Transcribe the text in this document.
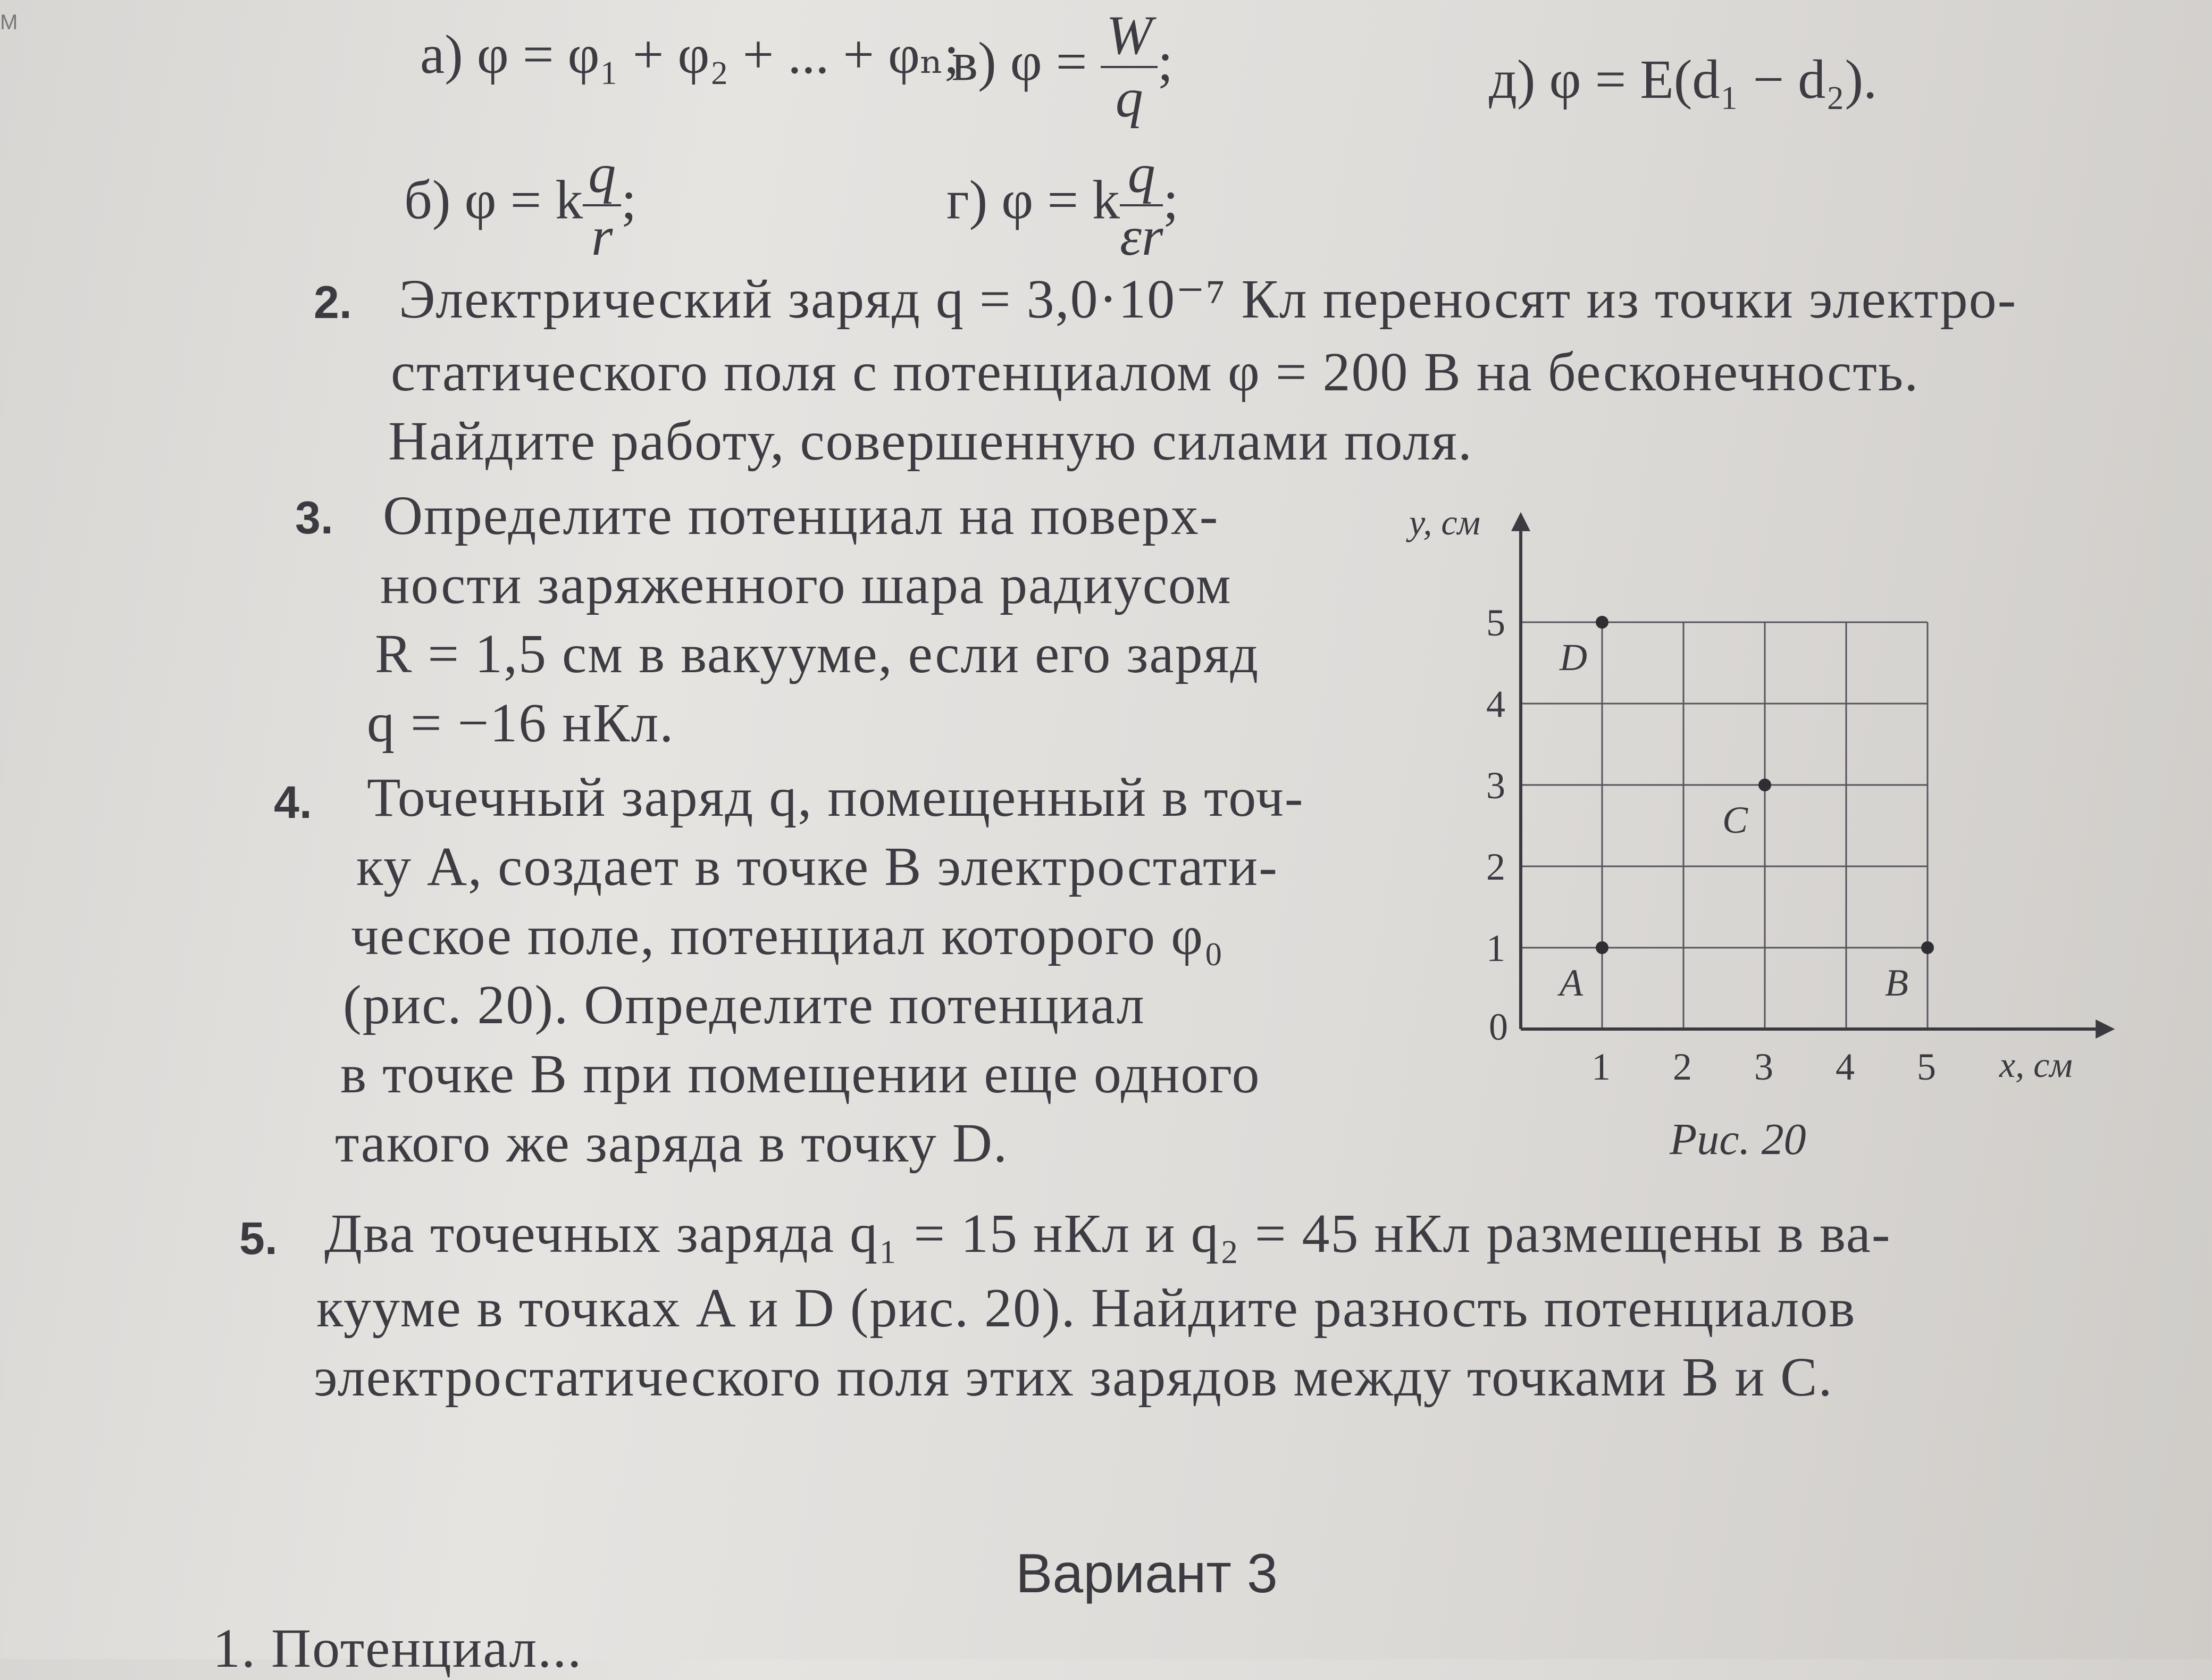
M
а) φ = φ₁ + φ₂ + ... + φₙ;
в) $\varphi = \frac{W}{q}$ ;	д) φ = E(d₁ − d₂).
б) φ = k $\frac{q}{r}$ ;	г) φ = k $\frac{q}{\varepsilon r}$ ;
2. Электрический заряд q = 3,0·10⁻⁷ Кл переносят из точки электро-
статического поля с потенциалом φ = 200 В на бесконечность.
Найдите работу, совершенную силами поля.
3. Определите потенциал на поверх-
ности заряженного шара радиусом
R = 1,5 см в вакууме, если его заряд
q = −16 нКл.
4. Точечный заряд q, помещенный в точ-
ку A, создает в точке B электростати-
ческое поле, потенциал которого φ₀
(рис. 20). Определите потенциал
в точке B при помещении еще одного
такого же заряда в точку D.
y, см
x, см
0
1 2 3 4 5
1
2
3
4
5
A	B
C
D
Рис. 20
5. Два точечных заряда q₁ = 15 нКл и q₂ = 45 нКл размещены в ва-
кууме в точках A и D (рис. 20). Найдите разность потенциалов
электростатического поля этих зарядов между точками B и C.
Вариант 3
1. Потенциал...
